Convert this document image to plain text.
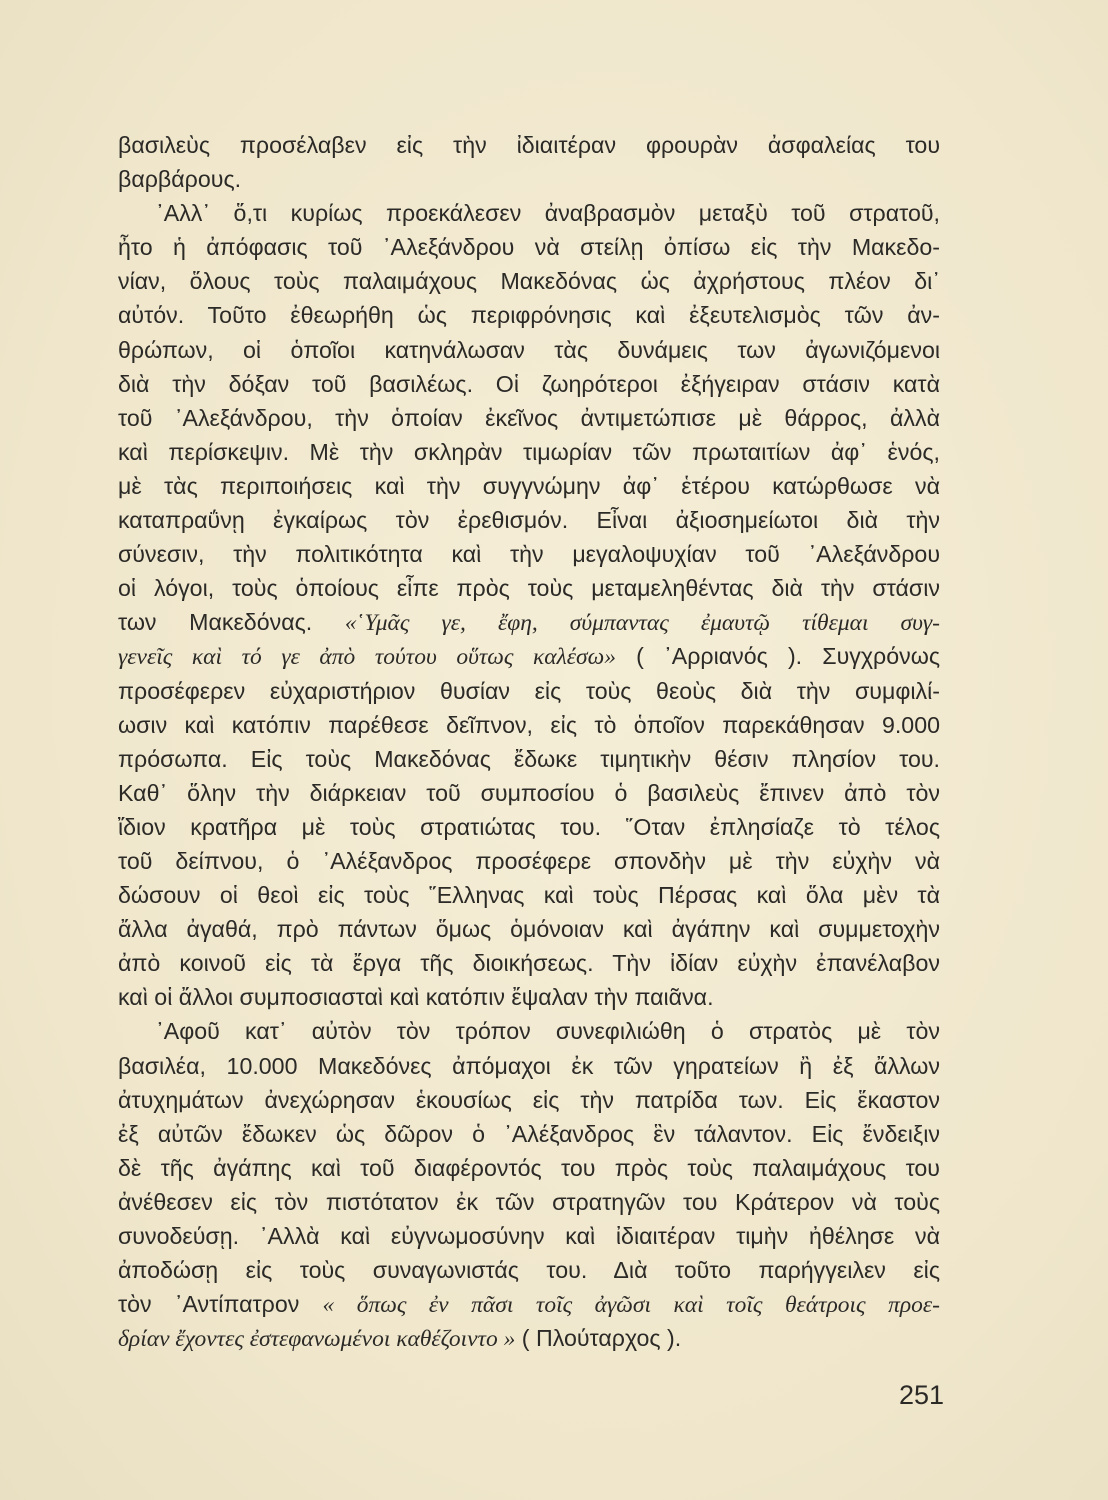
βασιλεὺς προσέλαβεν εἰς τὴν ἰδιαιτέραν φρουρὰν ἀσφαλείας του
βαρβάρους.
᾿Αλλ᾿ ὅ,τι κυρίως προεκάλεσεν ἀναβρασμὸν μεταξὺ τοῦ στρατοῦ,
ἦτο ἡ ἀπόφασις τοῦ ᾿Αλεξάνδρου νὰ στείλῃ ὀπίσω εἰς τὴν Μακεδο-
νίαν, ὅλους τοὺς παλαιμάχους Μακεδόνας ὡς ἀχρήστους πλέον δι᾿
αὐτόν. Τοῦτο ἐθεωρήθη ὡς περιφρόνησις καὶ ἐξευτελισμὸς τῶν ἀν-
θρώπων, οἱ ὁποῖοι κατηνάλωσαν τὰς δυνάμεις των ἀγωνιζόμενοι
διὰ τὴν δόξαν τοῦ βασιλέως. Οἱ ζωηρότεροι ἐξήγειραν στάσιν κατὰ
τοῦ ᾿Αλεξάνδρου, τὴν ὁποίαν ἐκεῖνος ἀντιμετώπισε μὲ θάρρος, ἀλλὰ
καὶ περίσκεψιν. Μὲ τὴν σκληρὰν τιμωρίαν τῶν πρωταιτίων ἀφ᾿ ἑνός,
μὲ τὰς περιποιήσεις καὶ τὴν συγγνώμην ἀφ᾿ ἑτέρου κατώρθωσε νὰ
καταπραΰνῃ ἐγκαίρως τὸν ἐρεθισμόν. Εἶναι ἀξιοσημείωτοι διὰ τὴν
σύνεσιν, τὴν πολιτικότητα καὶ τὴν μεγαλοψυχίαν τοῦ ᾿Αλεξάνδρου
οἱ λόγοι, τοὺς ὁποίους εἶπε πρὸς τοὺς μεταμεληθέντας διὰ τὴν στάσιν
των Μακεδόνας. «῾Υμᾶς γε, ἔφη, σύμπαντας ἐμαυτῷ τίθεμαι συγ-
γενεῖς καὶ τό γε ἀπὸ τούτου οὕτως καλέσω» ( ᾿Αρριανός ). Συγχρόνως
προσέφερεν εὐχαριστήριον θυσίαν εἰς τοὺς θεοὺς διὰ τὴν συμφιλί-
ωσιν καὶ κατόπιν παρέθεσε δεῖπνον, εἰς τὸ ὁποῖον παρεκάθησαν 9.000
πρόσωπα. Εἰς τοὺς Μακεδόνας ἔδωκε τιμητικὴν θέσιν πλησίον του.
Καθ᾿ ὅλην τὴν διάρκειαν τοῦ συμποσίου ὁ βασιλεὺς ἔπινεν ἀπὸ τὸν
ἴδιον κρατῆρα μὲ τοὺς στρατιώτας του. ῞Οταν ἐπλησίαζε τὸ τέλος
τοῦ δείπνου, ὁ ᾿Αλέξανδρος προσέφερε σπονδὴν μὲ τὴν εὐχὴν νὰ
δώσουν οἱ θεοὶ εἰς τοὺς ῞Ελληνας καὶ τοὺς Πέρσας καὶ ὅλα μὲν τὰ
ἄλλα ἀγαθά, πρὸ πάντων ὅμως ὁμόνοιαν καὶ ἀγάπην καὶ συμμετοχὴν
ἀπὸ κοινοῦ εἰς τὰ ἔργα τῆς διοικήσεως. Τὴν ἰδίαν εὐχὴν ἐπανέλαβον
καὶ οἱ ἄλλοι συμποσιασταὶ καὶ κατόπιν ἔψαλαν τὴν παιᾶνα.
᾿Αφοῦ κατ᾿ αὐτὸν τὸν τρόπον συνεφιλιώθη ὁ στρατὸς μὲ τὸν
βασιλέα, 10.000 Μακεδόνες ἀπόμαχοι ἐκ τῶν γηρατείων ἢ ἐξ ἄλλων
ἀτυχημάτων ἀνεχώρησαν ἑκουσίως εἰς τὴν πατρίδα των. Εἰς ἕκαστον
ἐξ αὐτῶν ἔδωκεν ὡς δῶρον ὁ ᾿Αλέξανδρος ἓν τάλαντον. Εἰς ἔνδειξιν
δὲ τῆς ἀγάπης καὶ τοῦ διαφέροντός του πρὸς τοὺς παλαιμάχους του
ἀνέθεσεν εἰς τὸν πιστότατον ἐκ τῶν στρατηγῶν του Κράτερον νὰ τοὺς
συνοδεύσῃ. ᾿Αλλὰ καὶ εὐγνωμοσύνην καὶ ἰδιαιτέραν τιμὴν ἠθέλησε νὰ
ἀποδώσῃ εἰς τοὺς συναγωνιστάς του. Διὰ τοῦτο παρήγγειλεν εἰς
τὸν ᾿Αντίπατρον « ὅπως ἐν πᾶσι τοῖς ἀγῶσι καὶ τοῖς θεάτροις προε-
δρίαν ἔχοντες ἐστεφανωμένοι καθέζοιντο » ( Πλούταρχος ).
251
